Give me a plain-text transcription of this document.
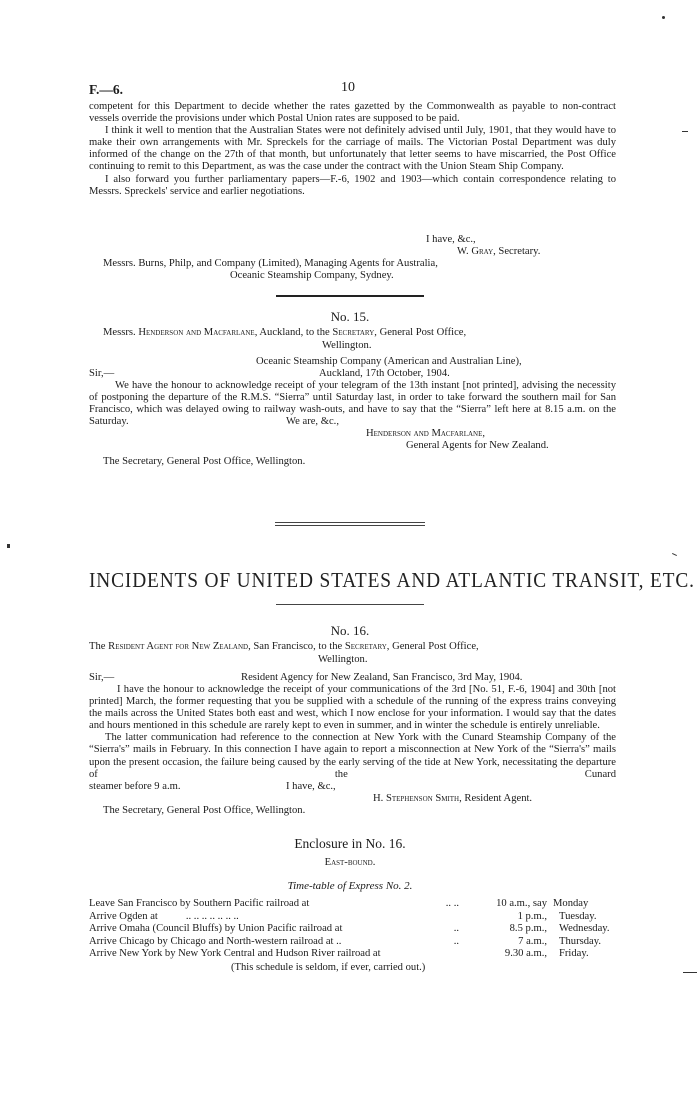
F.—6.	10

competent for this Department to decide whether the rates gazetted by the Commonwealth as payable to non-contract vessels override the provisions under which Postal Union rates are supposed to be paid.

I think it well to mention that the Australian States were not definitely advised until July, 1901, that they would have to make their own arrangements with Mr. Spreckels for the carriage of mails. The Victorian Postal Department was duly informed of the change on the 27th of that month, but unfortunately that letter seems to have miscarried, the Post Office continuing to remit to this Department, as was the case under the contract with the Union Steam Ship Company.

I also forward you further parliamentary papers—F.-6, 1902 and 1903—which contain correspondence relating to Messrs. Spreckels' service and earlier negotiations.

I have, &c.,
W. Gray, Secretary.
Messrs. Burns, Philp, and Company (Limited), Managing Agents for Australia,
Oceanic Steamship Company, Sydney.
No. 15.
Messrs. Henderson and Macfarlane, Auckland, to the Secretary, General Post Office,
Wellington.
Oceanic Steamship Company (American and Australian Line),
Sir,—	Auckland, 17th October, 1904.

We have the honour to acknowledge receipt of your telegram of the 13th instant [not printed], advising the necessity of postponing the departure of the R.M.S. “Sierra” until Saturday last, in order to take forward the southern mail for San Francisco, which was delayed owing to railway wash-outs, and have to say that the “Sierra” left here at 8.15 a.m. on the

Saturday.	We are, &c.,
Henderson and Macfarlane,
General Agents for New Zealand.
The Secretary, General Post Office, Wellington.
INCIDENTS OF UNITED STATES AND ATLANTIC TRANSIT, ETC.
No. 16.
The Resident Agent for New Zealand, San Francisco, to the Secretary, General Post Office,
Wellington.
Sir,—	Resident Agency for New Zealand, San Francisco, 3rd May, 1904.

I have the honour to acknowledge the receipt of your communications of the 3rd [No. 51, F.-6, 1904] and 30th [not printed] March, the former requesting that you be supplied with a schedule of the running of the express trains conveying the mails across the United States both east and west, which I now enclose for your information. I would say that the dates and hours mentioned in this schedule are rarely kept to even in summer, and in winter the schedule is entirely unreliable.

The latter communication had reference to the connection at New York with the Cunard Steamship Company of the “Sierra's” mails in February. In this connection I have again to report a misconnection at New York of the “Sierra's” mails upon the present occasion, the failure being caused by the early serving of the tide at New York, necessitating the departure of the Cunard

steamer before 9 a.m.	I have, &c.,
H. Stephenson Smith, Resident Agent.
The Secretary, General Post Office, Wellington.
Enclosure in No. 16.
East-bound.
Time-table of Express No. 2.
Leave San Francisco by Southern Pacific railroad at	.. ..	10 a.m., say	Monday
Arrive Ogden at .. .. .. .. .. .. ..		1 p.m.,	Tuesday.
Arrive Omaha (Council Bluffs) by Union Pacific railroad at	..	8.5 p.m.,	Wednesday.
Arrive Chicago by Chicago and North-western railroad at ..	..	7 a.m.,	Thursday.
Arrive New York by New York Central and Hudson River railroad at		9.30 a.m.,	Friday.
(This schedule is seldom, if ever, carried out.)
